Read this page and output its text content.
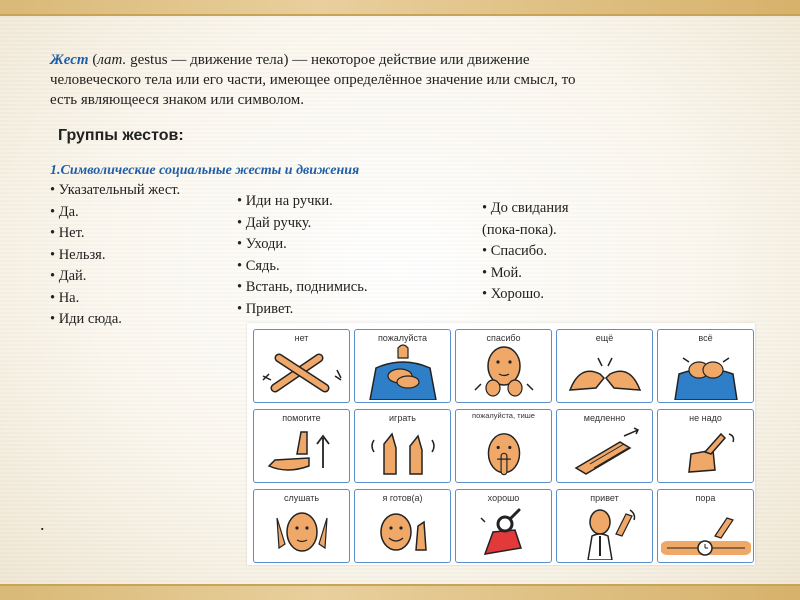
Жест (лат. gestus — движение тела) — некоторое действие или движение человеческого тела или его части, имеющее определённое значение или смысл, то есть являющееся знаком или символом.
Группы жестов:
1.Символические социальные жесты и движения
• Указательный жест.
• Да.
• Нет.
• Нельзя.
• Дай.
• На.
• Иди сюда.
• Иди на ручки.
• Дай ручку.
• Уходи.
• Сядь.
• Встань, поднимись.
• Привет.
• До свидания
(пока-пока).
• Спасибо.
• Мой.
• Хорошо.
.
нет	пожалуйста	спасибо	ещё	всё
помогите	играть	пожалуйста, тише	медленно	не надо
слушать	я готов(а)	хорошо	привет	пора
